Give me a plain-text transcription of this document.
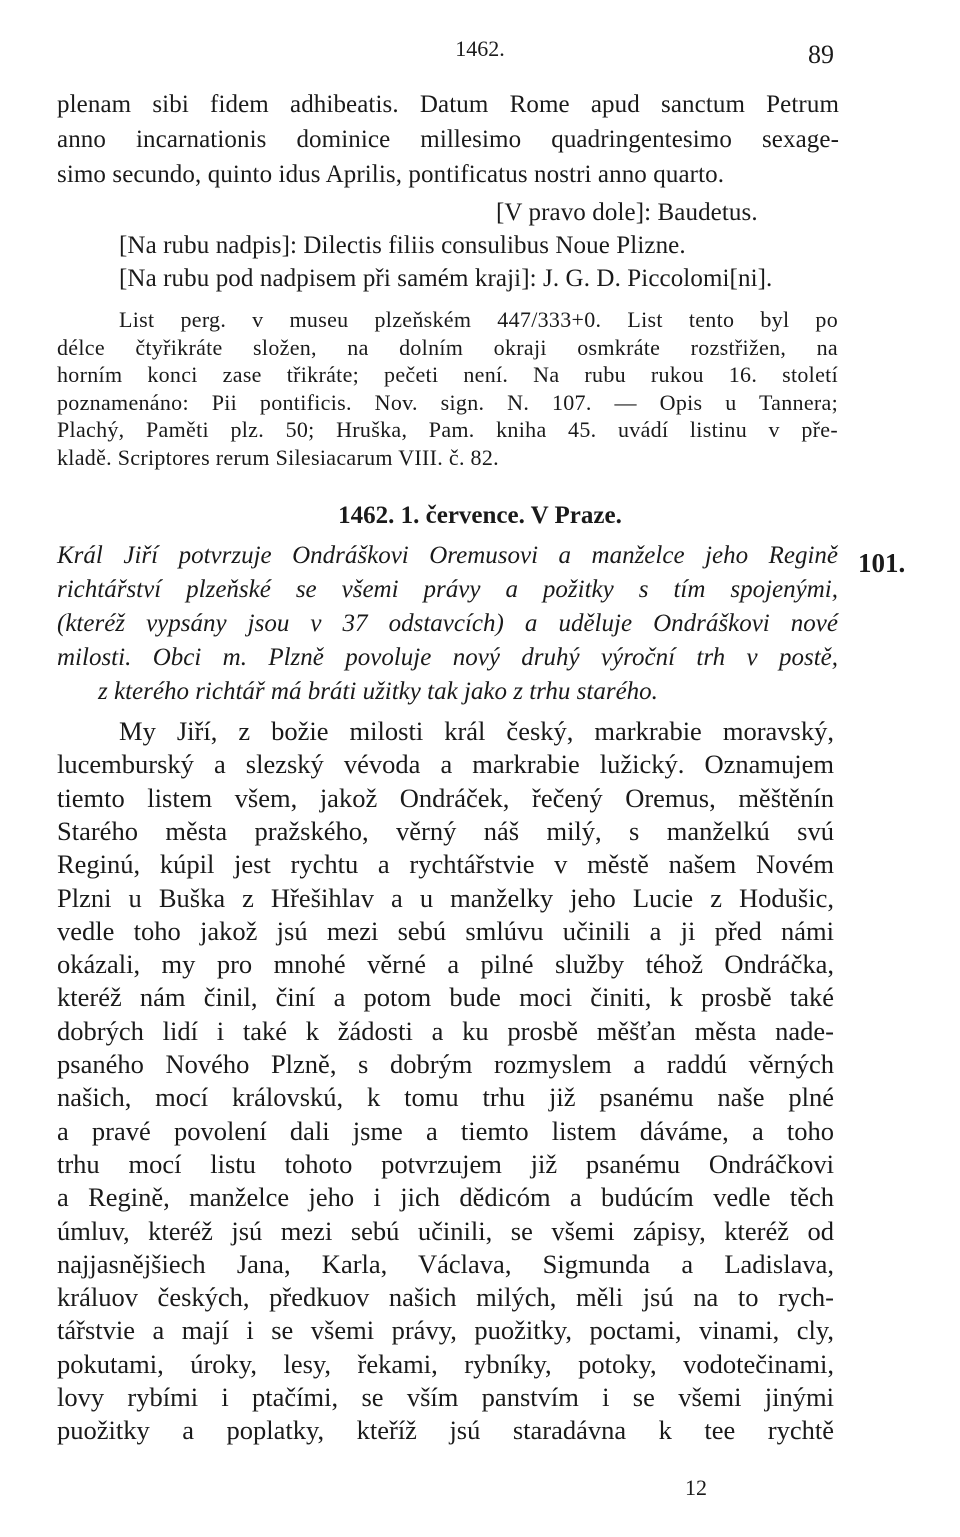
1462.	89
plenam sibi fidem adhibeatis. Datum Rome apud sanctum Petrum
anno incarnationis dominice millesimo quadringentesimo sexage-
simo secundo, quinto idus Aprilis, pontificatus nostri anno quarto.
[V pravo dole]: Baudetus.
[Na rubu nadpis]: Dilectis filiis consulibus Noue Plizne.
[Na rubu pod nadpisem při samém kraji]: J. G. D. Piccolomi[ni].
List perg. v museu plzeňském 447/333+0. List tento byl po
délce čtyřikráte složen, na dolním okraji osmkráte rozstřižen, na
horním konci zase třikráte; pečeti není. Na rubu rukou 16. století
poznamenáno: Pii pontificis. Nov. sign. N. 107. — Opis u Tannera;
Plachý, Paměti plz. 50; Hruška, Pam. kniha 45. uvádí listinu v pře-
kladě. Scriptores rerum Silesiacarum VIII. č. 82.
1462. 1. července. V Praze.
101.
Král Jiří potvrzuje Ondráškovi Oremusovi a manželce jeho Regině
richtářství plzeňské se všemi právy a požitky s tím spojenými,
(kteréž vypsány jsou v 37 odstavcích) a uděluje Ondráškovi nové
milosti. Obci m. Plzně povoluje nový druhý výroční trh v postě,
z kterého richtář má bráti užitky tak jako z trhu starého.
My Jiří, z božie milosti král český, markrabie moravský,
lucemburský a slezský vévoda a markrabie lužický. Oznamujem
tiemto listem všem, jakož Ondráček, řečený Oremus, měštěnín
Starého města pražského, věrný náš milý, s manželkú svú
Reginú, kúpil jest rychtu a rychtářstvie v městě našem Novém
Plzni u Buška z Hřešihlav a u manželky jeho Lucie z Hodušic,
vedle toho jakož jsú mezi sebú smlúvu učinili a ji před námi
okázali, my pro mnohé věrné a pilné služby téhož Ondráčka,
kteréž nám činil, činí a potom bude moci činiti, k prosbě také
dobrých lidí i také k žádosti a ku prosbě měšťan města nade-
psaného Nového Plzně, s dobrým rozmyslem a raddú věrných
našich, mocí královskú, k tomu trhu již psanému naše plné
a pravé povolení dali jsme a tiemto listem dáváme, a toho
trhu mocí listu tohoto potvrzujem již psanému Ondráčkovi
a Regině, manželce jeho i jich dědicóm a budúcím vedle těch
úmluv, kteréž jsú mezi sebú učinili, se všemi zápisy, kteréž od
najjasnějšiech Jana, Karla, Václava, Sigmunda a Ladislava,
králuov českých, předkuov našich milých, měli jsú na to rych-
tářstvie a mají i se všemi právy, puožitky, poctami, vinami, cly,
pokutami, úroky, lesy, řekami, rybníky, potoky, vodotečinami,
lovy rybími i ptačími, se vším panstvím i se všemi jinými
puožitky a poplatky, kteříž jsú staradávna k tee rychtě
12
